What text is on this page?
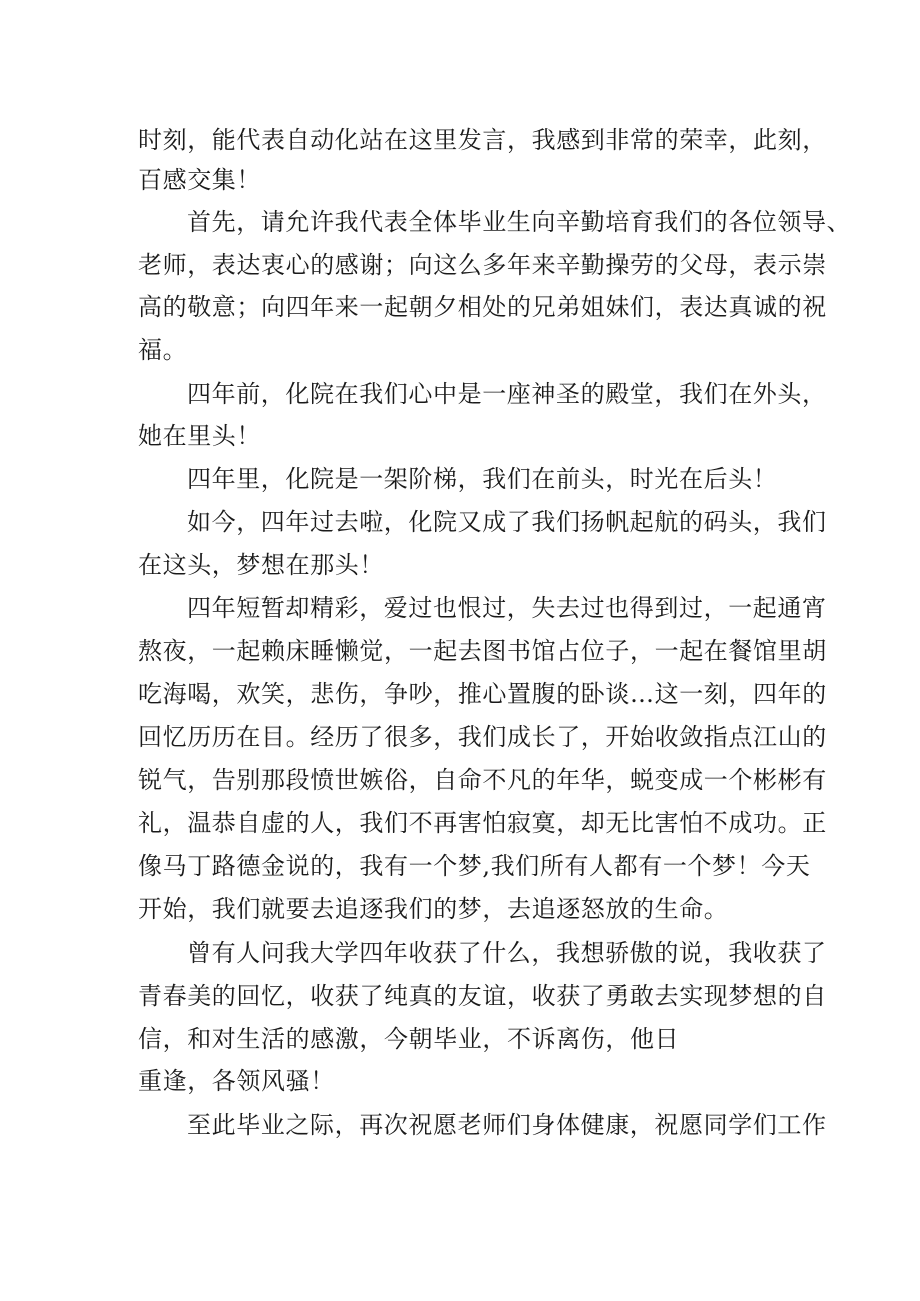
时刻，能代表自动化站在这里发言，我感到非常的荣幸，此刻，
百感交集！
首先，请允许我代表全体毕业生向辛勤培育我们的各位领导、
老师，表达衷心的感谢；向这么多年来辛勤操劳的父母，表示崇
高的敬意；向四年来一起朝夕相处的兄弟姐妹们，表达真诚的祝
福。
四年前，化院在我们心中是一座神圣的殿堂，我们在外头，
她在里头！
四年里，化院是一架阶梯，我们在前头，时光在后头！
如今，四年过去啦，化院又成了我们扬帆起航的码头，我们
在这头，梦想在那头！
四年短暂却精彩，爱过也恨过，失去过也得到过，一起通宵
熬夜，一起赖床睡懒觉，一起去图书馆占位子，一起在餐馆里胡
吃海喝，欢笑，悲伤，争吵，推心置腹的卧谈…这一刻，四年的
回忆历历在目。经历了很多，我们成长了，开始收敛指点江山的
锐气，告别那段愤世嫉俗，自命不凡的年华，蜕变成一个彬彬有
礼，温恭自虚的人，我们不再害怕寂寞，却无比害怕不成功。正
像马丁路德金说的，我有一个梦,我们所有人都有一个梦！今天
开始，我们就要去追逐我们的梦，去追逐怒放的生命。
曾有人问我大学四年收获了什么，我想骄傲的说，我收获了
青春美的回忆，收获了纯真的友谊，收获了勇敢去实现梦想的自
信，和对生活的感激，今朝毕业，不诉离伤，他日
重逢，各领风骚！
至此毕业之际，再次祝愿老师们身体健康，祝愿同学们工作
